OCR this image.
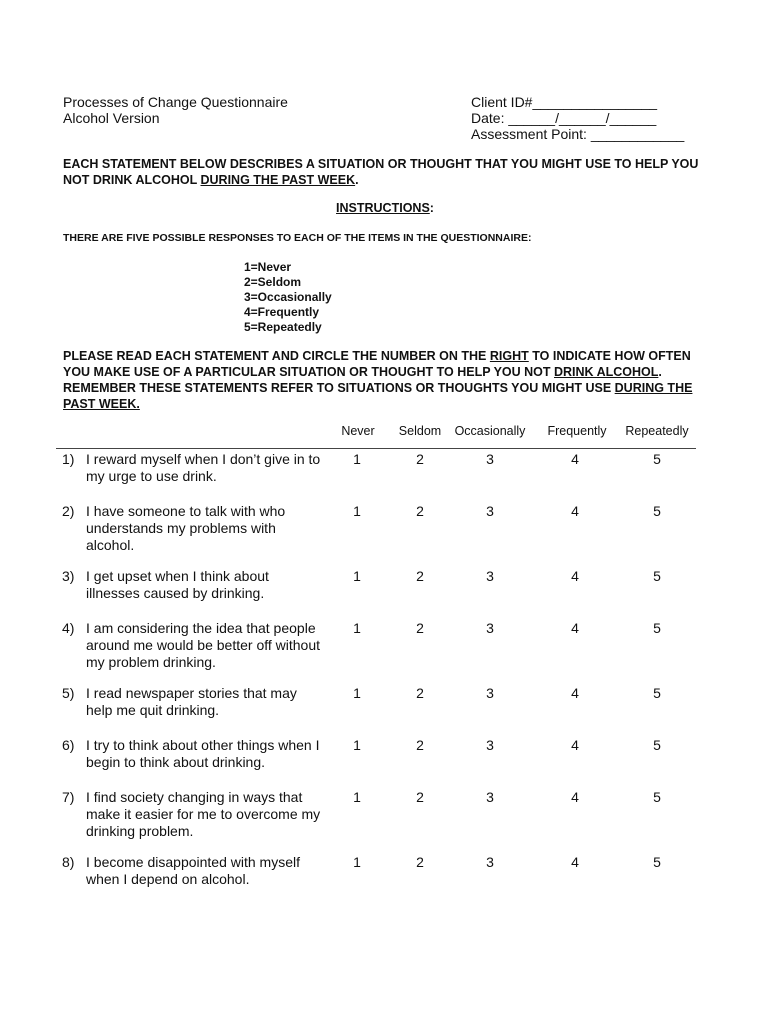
Processes of Change Questionnaire
Alcohol Version
Client ID#________________
Date: ______/______/______
Assessment Point: ____________
EACH STATEMENT BELOW DESCRIBES A SITUATION OR THOUGHT THAT YOU MIGHT USE TO HELP YOU NOT DRINK ALCOHOL DURING THE PAST WEEK.
INSTRUCTIONS:
THERE ARE FIVE POSSIBLE RESPONSES TO EACH OF THE ITEMS IN THE QUESTIONNAIRE:
1=Never
2=Seldom
3=Occasionally
4=Frequently
5=Repeatedly
PLEASE READ EACH STATEMENT AND CIRCLE THE NUMBER ON THE RIGHT TO INDICATE HOW OFTEN YOU MAKE USE OF A PARTICULAR SITUATION OR THOUGHT TO HELP YOU NOT DRINK ALCOHOL. REMEMBER THESE STATEMENTS REFER TO SITUATIONS OR THOUGHTS YOU MIGHT USE DURING THE PAST WEEK.
Never	Seldom	Occasionally	Frequently	Repeatedly
1) I reward myself when I don’t give in to my urge to use drink.
1	2	3	4	5
2) I have someone to talk with who understands my problems with alcohol.
1	2	3	4	5
3) I get upset when I think about illnesses caused by drinking.
1	2	3	4	5
4) I am considering the idea that people around me would be better off without my problem drinking.
1	2	3	4	5
5) I read newspaper stories that may help me quit drinking.
1	2	3	4	5
6) I try to think about other things when I begin to think about drinking.
1	2	3	4	5
7) I find society changing in ways that make it easier for me to overcome my drinking problem.
1	2	3	4	5
8) I become disappointed with myself when I depend on alcohol.
1	2	3	4	5
